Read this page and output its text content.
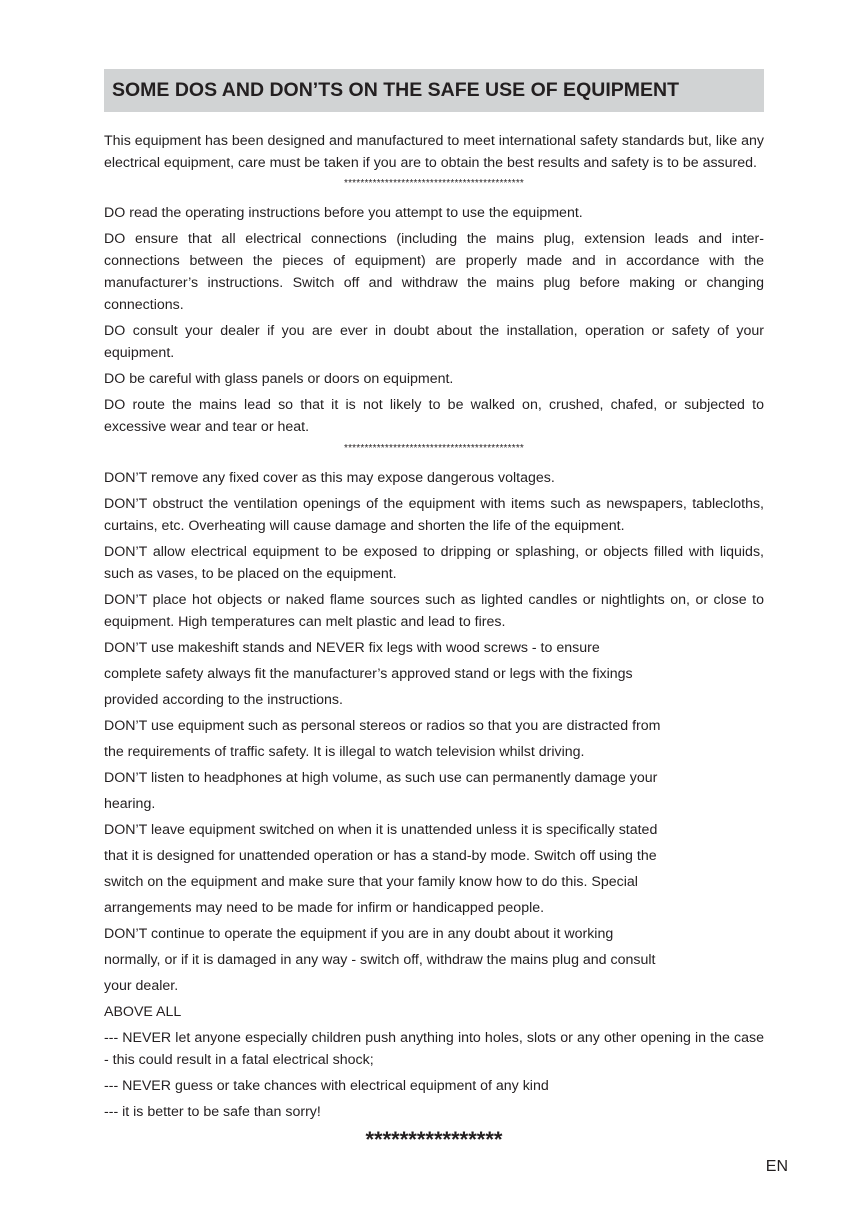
SOME DOS AND DON’TS ON THE SAFE USE OF EQUIPMENT

This equipment has been designed and manufactured to meet international safety standards but, like any electrical equipment, care must be taken if you are to obtain the best results and safety is to be assured.

********************************************

DO read the operating instructions before you attempt to use the equipment.

DO ensure that all electrical connections (including the mains plug, extension leads and inter-connections between the pieces of equipment) are properly made and in accordance with the manufacturer’s instructions. Switch off and withdraw the mains plug before making or changing connections.

DO consult your dealer if you are ever in doubt about the installation, operation or safety of your equipment.

DO be careful with glass panels or doors on equipment.

DO route the mains lead so that it is not likely to be walked on, crushed, chafed, or subjected to excessive wear and tear or heat.

********************************************

DON’T remove any fixed cover as this may expose dangerous voltages.

DON’T obstruct the ventilation openings of the equipment with items such as newspapers, tablecloths, curtains, etc. Overheating will cause damage and shorten the life of the equipment.

DON’T allow electrical equipment to be exposed to dripping or splashing, or objects filled with liquids, such as vases, to be placed on the equipment.

DON’T place hot objects or naked flame sources such as lighted candles or nightlights on, or close to equipment. High temperatures can melt plastic and lead to fires.

DON’T use makeshift stands and NEVER fix legs with wood screws - to ensure

complete safety always fit the manufacturer’s approved stand or legs with the fixings

provided according to the instructions.

DON’T use equipment such as personal stereos or radios so that you are distracted from

the requirements of traffic safety. It is illegal to watch television whilst driving.

DON’T listen to headphones at high volume, as such use can permanently damage your

hearing.

DON’T leave equipment switched on when it is unattended unless it is specifically stated

that it is designed for unattended operation or has a stand-by mode. Switch off using the

switch on the equipment and make sure that your family know how to do this. Special

arrangements may need to be made for infirm or handicapped people.

DON’T continue to operate the equipment if you are in any doubt about it working

normally, or if it is damaged in any way - switch off, withdraw the mains plug and consult

your dealer.

ABOVE ALL

--- NEVER let anyone especially children push anything into holes, slots or any other opening in the case - this could result in a fatal electrical shock;

--- NEVER guess or take chances with electrical equipment of any kind

--- it is better to be safe than sorry!

****************

EN
